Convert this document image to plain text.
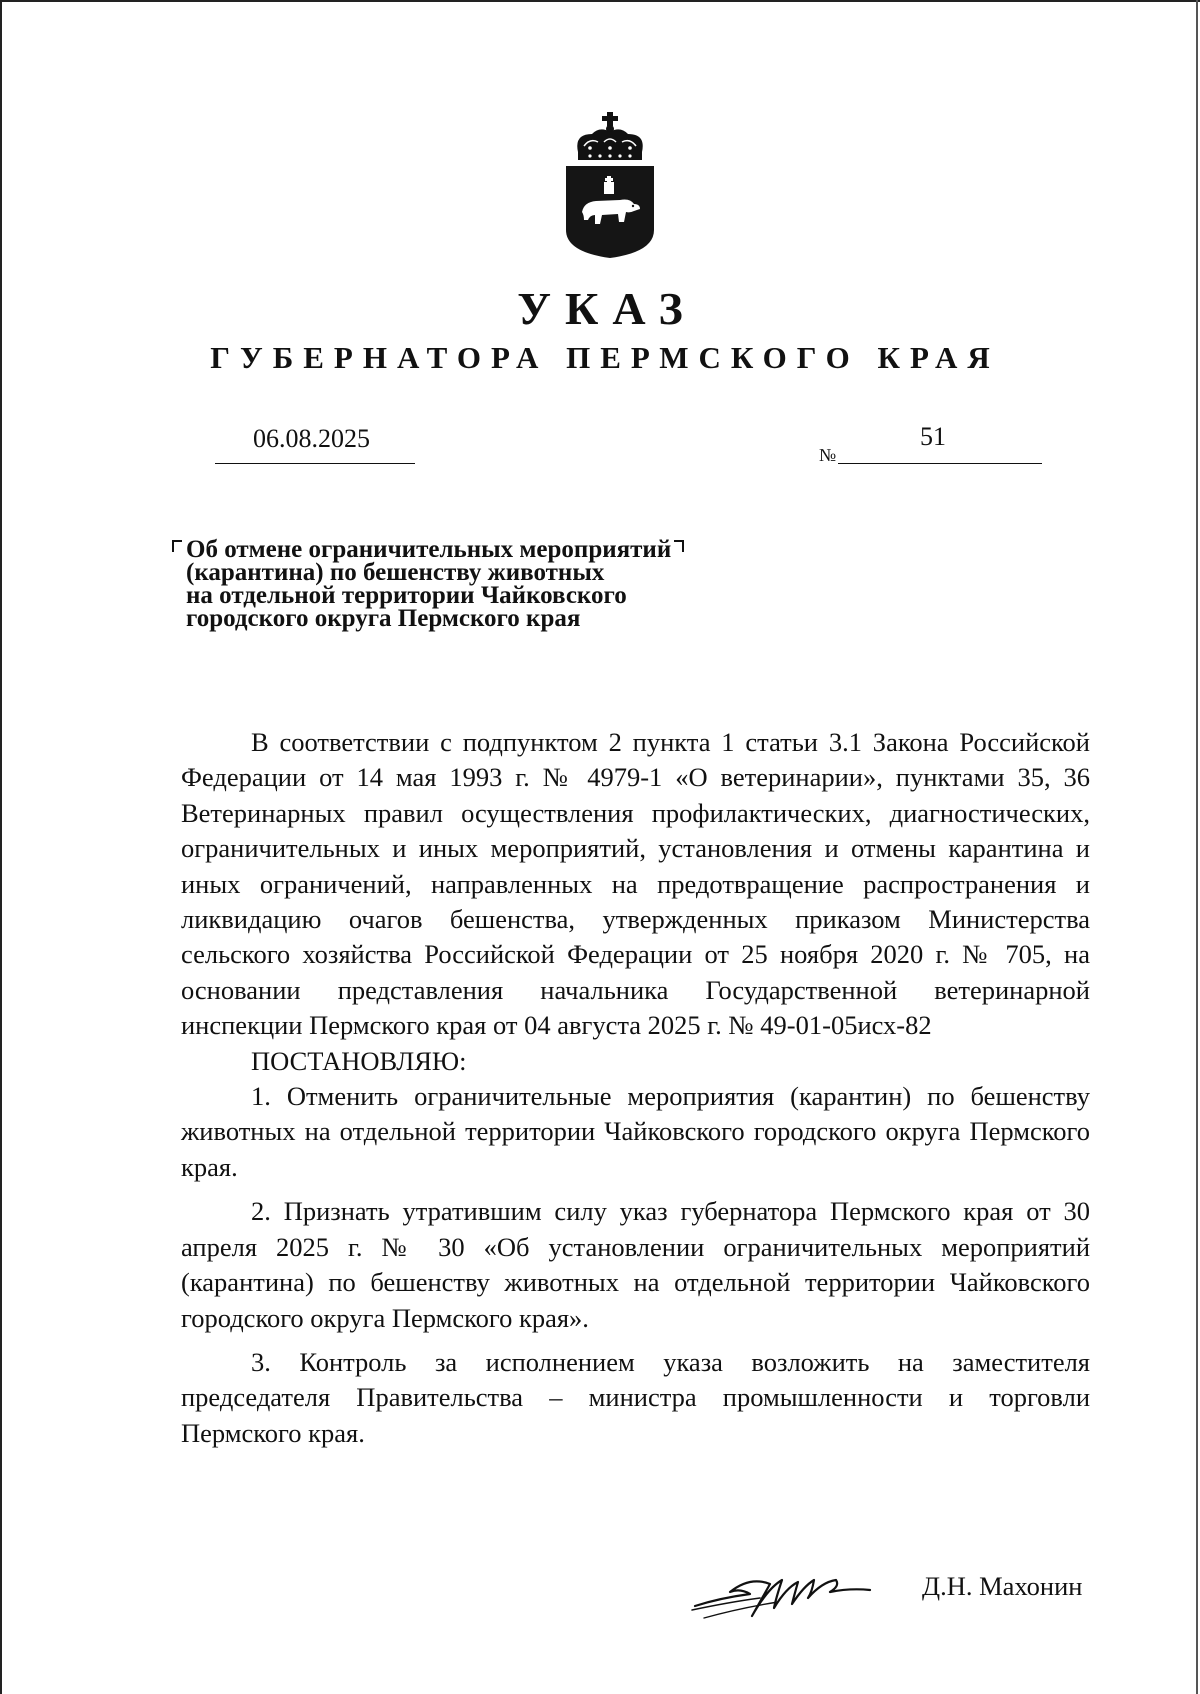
УКАЗ
ГУБЕРНАТОРА ПЕРМСКОГО КРАЯ
06.08.2025
№
51
Об отмене ограничительных мероприятий
(карантина) по бешенству животных
на отдельной территории Чайковского
городского округа Пермского края

В соответствии с подпунктом 2 пункта 1 статьи 3.1 Закона Российской Федерации от 14 мая 1993 г. № 4979-1 «О ветеринарии», пунктами 35, 36 Ветеринарных правил осуществления профилактических, диагностических, ограничительных и иных мероприятий, установления и отмены карантина и иных ограничений, направленных на предотвращение распространения и ликвидацию очагов бешенства, утвержденных приказом Министерства сельского хозяйства Российской Федерации от 25 ноября 2020 г. № 705, на основании представления начальника Государственной ветеринарной инспекции Пермского края от 04 августа 2025 г. № 49-01-05исх-82

ПОСТАНОВЛЯЮ:

1. Отменить ограничительные мероприятия (карантин) по бешенству животных на отдельной территории Чайковского городского округа Пермского края.

2. Признать утратившим силу указ губернатора Пермского края от 30 апреля 2025 г. № 30 «Об установлении ограничительных мероприятий (карантина) по бешенству животных на отдельной территории Чайковского городского округа Пермского края».

3. Контроль за исполнением указа возложить на заместителя председателя Правительства – министра промышленности и торговли Пермского края.

Д.Н. Махонин
